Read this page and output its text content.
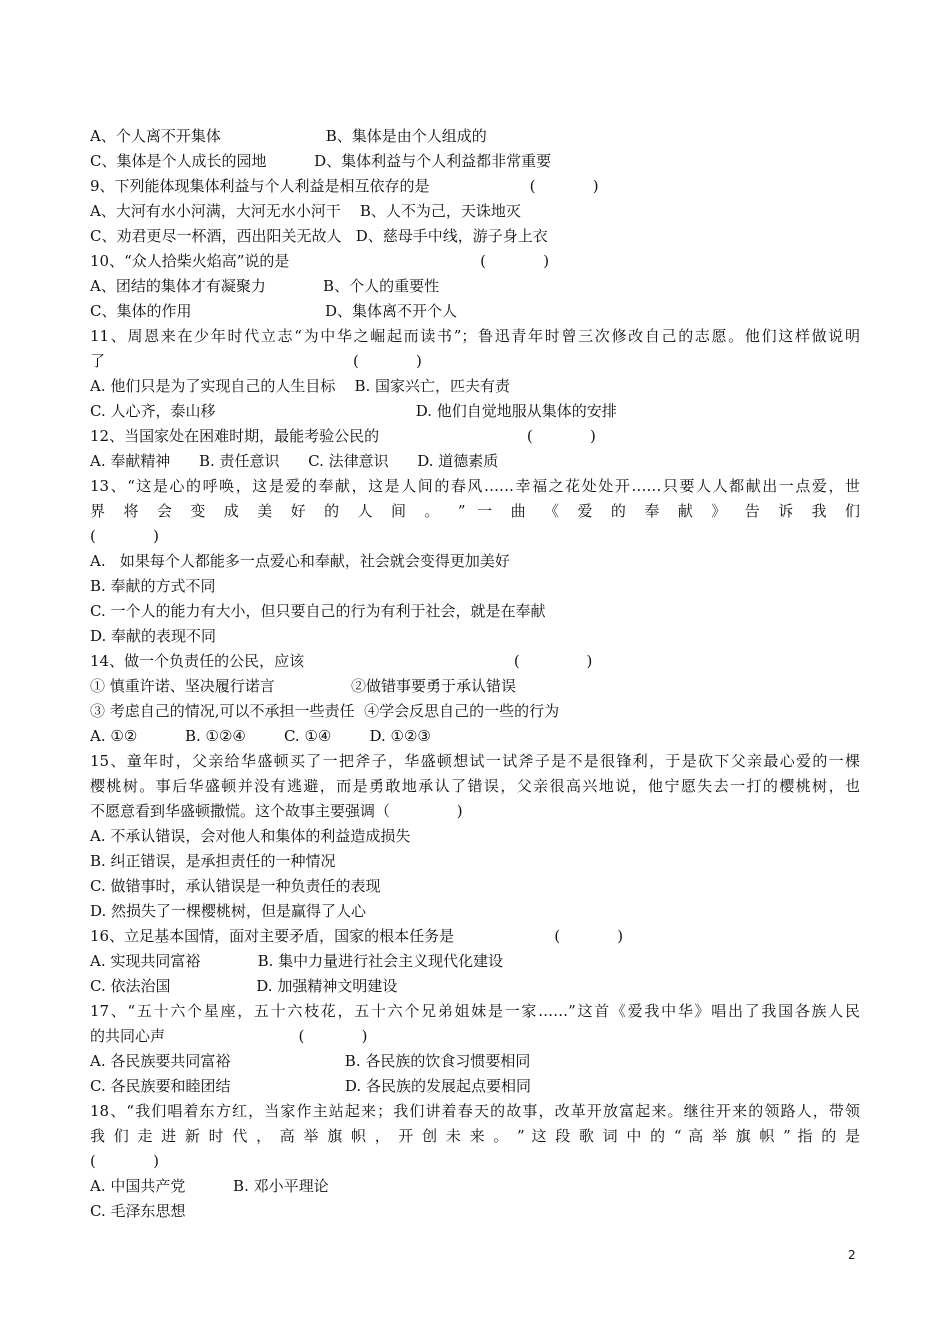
A、个人离不开集体                      B、集体是由个人组成的
C、集体是个人成长的园地          D、集体利益与个人利益都非常重要
9、下列能体现集体利益与个人利益是相互依存的是                     (            )
A、大河有水小河满，大河无水小河干    B、人不为己，天诛地灭
C、劝君更尽一杯酒，西出阳关无故人   D、慈母手中线，游子身上衣
10、“众人拾柴火焰高”说的是                                        (            )
A、团结的集体才有凝聚力            B、个人的重要性
C、集体的作用                            D、集体离不开个人
11、周恩来在少年时代立志“为中华之崛起而读书”；鲁迅青年时曾三次修改自己的志愿。他们这样做说明
了                                                    (            )
A. 他们只是为了实现自己的人生目标    B. 国家兴亡，匹夫有责
C. 人心齐，泰山移                                          D. 他们自觉地服从集体的安排
12、当国家处在困难时期，最能考验公民的                               (            )
A. 奉献精神      B. 责任意识      C. 法律意识      D. 道德素质
13、“这是心的呼唤，这是爱的奉献，这是人间的春风……幸福之花处处开……只要人人都献出一点爱，世
界 将 会 变 成 美 好 的 人 间 。 ” 一 曲 《 爱 的 奉 献 》 告 诉 我 们
(            )
A.   如果每个人都能多一点爱心和奉献，社会就会变得更加美好
B. 奉献的方式不同
C. 一个人的能力有大小，但只要自己的行为有利于社会，就是在奉献
D. 奉献的表现不同
14、做一个负责任的公民，应该                                            (              )
① 慎重许诺、坚决履行诺言                ②做错事要勇于承认错误
③ 考虑自己的情况,可以不承担一些责任  ④学会反思自己的一些的行为
A. ①②          B. ①②④        C. ①④        D. ①②③
15、童年时，父亲给华盛顿买了一把斧子，华盛顿想试一试斧子是不是很锋利，于是砍下父亲最心爱的一棵
樱桃树。事后华盛顿并没有逃避，而是勇敢地承认了错误，父亲很高兴地说，他宁愿失去一打的樱桃树，也
不愿意看到华盛顿撒慌。这个故事主要强调（              )
A. 不承认错误，会对他人和集体的利益造成损失
B. 纠正错误，是承担责任的一种情况
C. 做错事时，承认错误是一种负责任的表现
D. 然损失了一棵樱桃树，但是赢得了人心
16、立足基本国情，面对主要矛盾，国家的根本任务是                     (            )
A. 实现共同富裕            B. 集中力量进行社会主义现代化建设
C. 依法治国                  D. 加强精神文明建设
17、“五十六个星座，五十六枝花，五十六个兄弟姐妹是一家……”这首《爱我中华》唱出了我国各族人民
的共同心声                            (            )
A. 各民族要共同富裕                        B. 各民族的饮食习惯要相同
C. 各民族要和睦团结                        D. 各民族的发展起点要相同
18、“我们唱着东方红，当家作主站起来；我们讲着春天的故事，改革开放富起来。继往开来的领路人，带领
我 们 走 进 新 时 代 ， 高 举 旗 帜 ， 开 创 未 来 。 ” 这 段 歌 词 中 的 “ 高 举 旗 帜 ” 指 的 是
(            )
A. 中国共产党          B. 邓小平理论
C. 毛泽东思想
2
